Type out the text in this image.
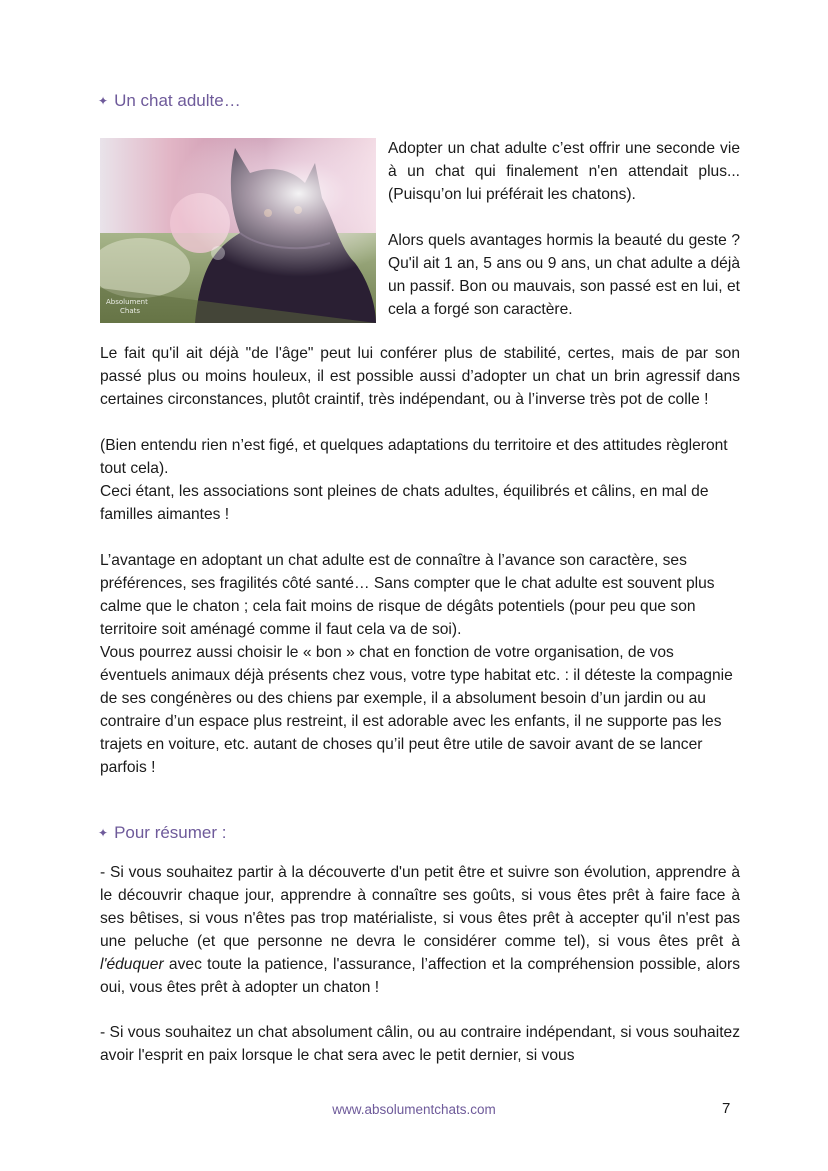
✦ Un chat adulte…
Absolument
Chats

Adopter un chat adulte c’est offrir une seconde vie à un chat qui finalement n'en attendait plus... (Puisqu’on lui préférait les chatons).

Alors quels avantages hormis la beauté du geste ? Qu'il ait 1 an, 5 ans ou 9 ans, un chat adulte a déjà un passif. Bon ou mauvais, son passé est en lui, et cela a forgé son caractère.

Le fait qu'il ait déjà "de l'âge" peut lui conférer plus de stabilité, certes, mais de par son passé plus ou moins houleux, il est possible aussi d’adopter un chat un brin agressif dans certaines circonstances, plutôt craintif, très indépendant, ou à l’inverse très pot de colle !

(Bien entendu rien n’est figé, et quelques adaptations du territoire et des attitudes règleront tout cela).

Ceci étant, les associations sont pleines de chats adultes, équilibrés et câlins, en mal de familles aimantes !

L’avantage en adoptant un chat adulte est de connaître à l’avance son caractère, ses préférences, ses fragilités côté santé… Sans compter que le chat adulte est souvent plus calme que le chaton ; cela fait moins de risque de dégâts potentiels (pour peu que son territoire soit aménagé comme il faut cela va de soi).

Vous pourrez aussi choisir le « bon » chat en fonction de votre organisation, de vos éventuels animaux déjà présents chez vous, votre type habitat etc. : il déteste la compagnie de ses congénères ou des chiens par exemple, il a absolument besoin d’un jardin ou au contraire d’un espace plus restreint, il est adorable avec les enfants, il ne supporte pas les trajets en voiture, etc. autant de choses qu’il peut être utile de savoir avant de se lancer parfois !

✦ Pour résumer :

- Si vous souhaitez partir à la découverte d'un petit être et suivre son évolution, apprendre à le découvrir chaque jour, apprendre à connaître ses goûts, si vous êtes prêt à faire face à ses bêtises, si vous n'êtes pas trop matérialiste, si vous êtes prêt à accepter qu'il n'est pas une peluche (et que personne ne devra le considérer comme tel), si vous êtes prêt à l'éduquer avec toute la patience, l'assurance, l’affection et la compréhension possible, alors oui, vous êtes prêt à adopter un chaton !

- Si vous souhaitez un chat absolument câlin, ou au contraire indépendant, si vous souhaitez avoir l'esprit en paix lorsque le chat sera avec le petit dernier, si vous

www.absolumentchats.com	7
